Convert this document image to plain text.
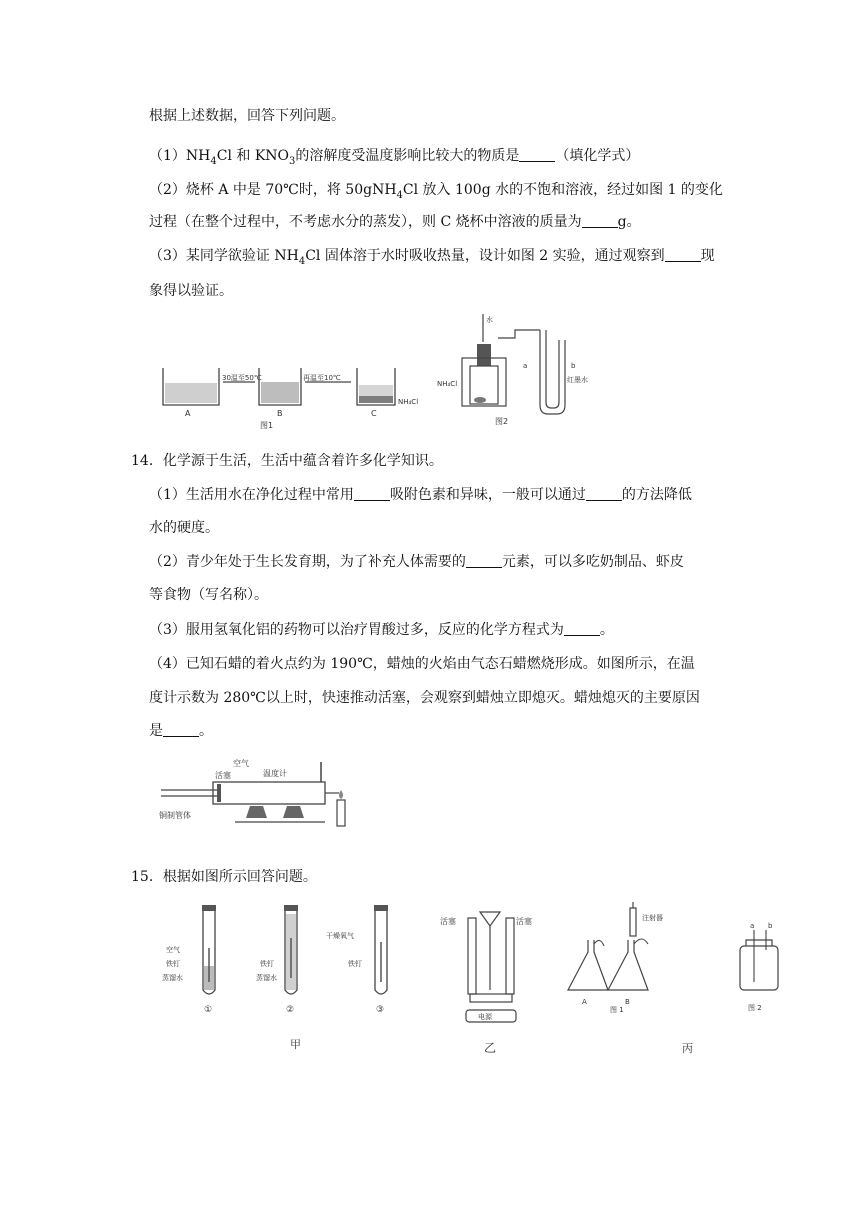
根据上述数据，回答下列问题。
$(1)NH_4Cl$ 和 $KNO_3$的溶解度受温度影响比较大的物质是	（填化学式）
（2）烧杯 A 中是 70℃时，将 50gNH$_4$Cl 放入 100g 水的不饱和溶液，经过如图 1 的变化
过程（在整个过程中，不考虑水分的蒸发），则 C 烧杯中溶液的质量为	g。
（3）某同学欲验证 $NH_4Cl$ 固体溶于水时吸收热量，设计如图 2 实验，通过观察到	现
象得以验证。
A
30温至50℃
B
再温至10℃
C
NH₄Cl
图1
水
NH₄Cl
a	b
红墨水
图2
14．化学源于生活，生活中蕴含着许多化学知识。
（1）生活用水在净化过程中常用	吸附色素和异味，一般可以通过	的方法降低
水的硬度。
（2）青少年处于生长发育期，为了补充人体需要的	元素，可以多吃奶制品、虾皮
等食物（写名称）。
（3）服用氢氧化铝的药物可以治疗胃酸过多，反应的化学方程式为	。
（4）已知石蜡的着火点约为 190℃，蜡烛的火焰由气态石蜡燃烧形成。如图所示，在温
度计示数为 280℃以上时，快速推动活塞，会观察到蜡烛立即熄灭。蜡烛熄灭的主要原因
是	。
空气
温度计
活塞
铜制管体
15．根据如图所示回答问题。
空气
铁钉
蒸馏水
①
铁钉
蒸馏水
②
干燥氧气
铁钉
③
甲
活塞	活塞
电源
乙
A
注射器
B
图 1
a b
图 2
丙
